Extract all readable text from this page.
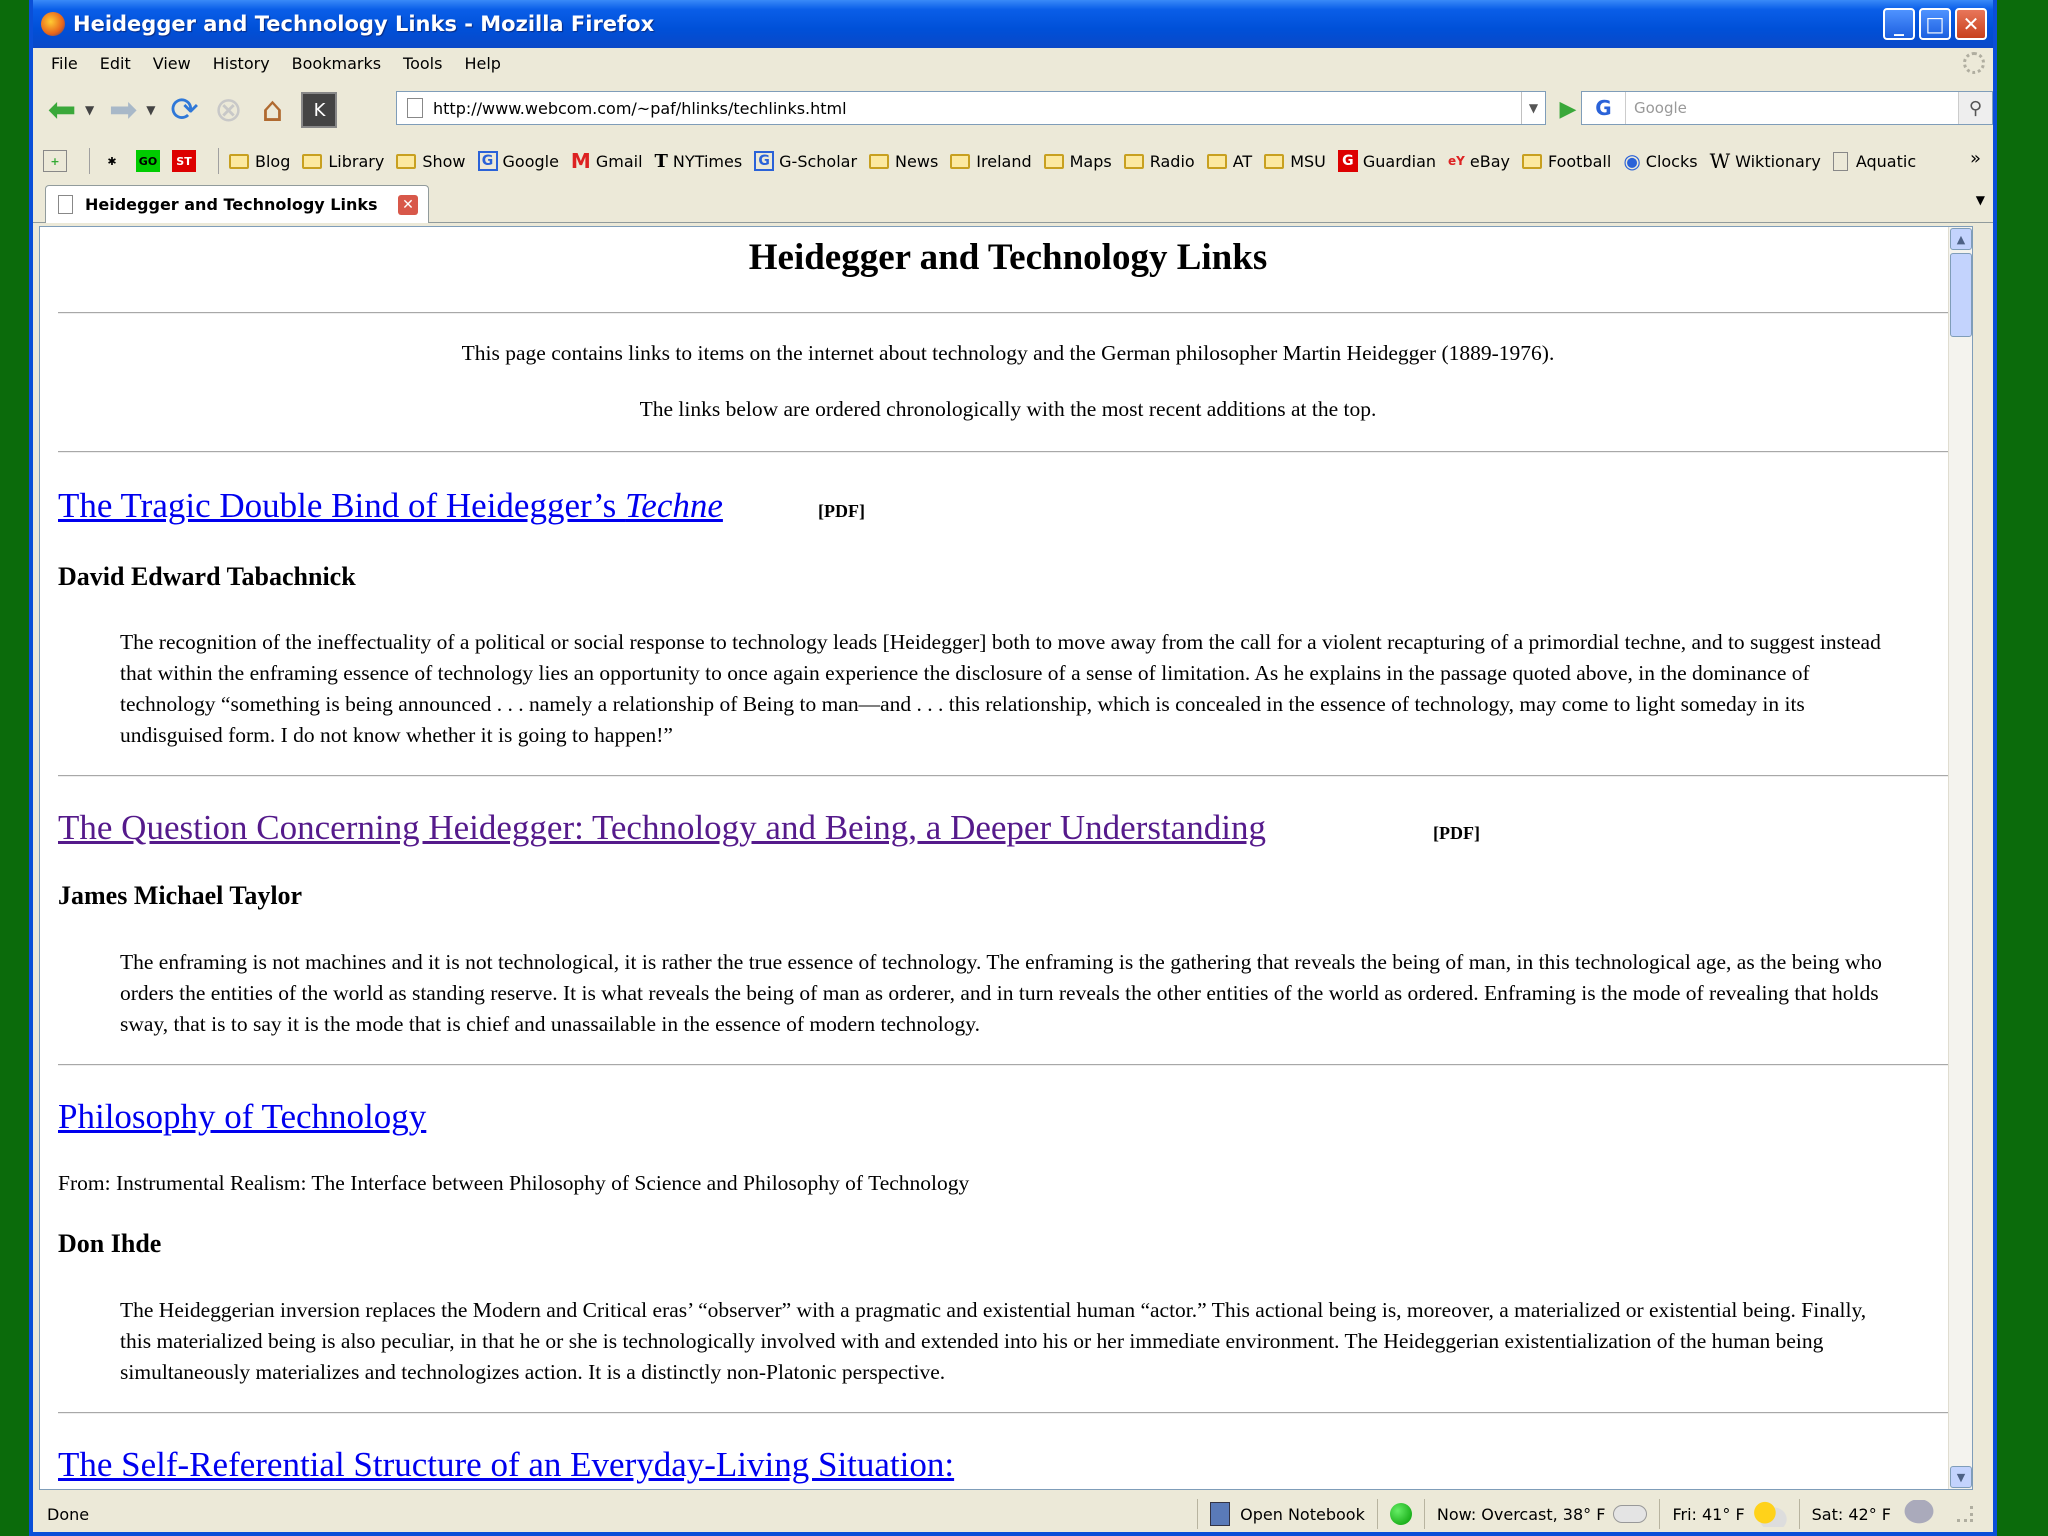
Heidegger and Technology Links - Mozilla Firefox	_	□ ✕
File Edit View History Bookmarks Tools Help
⬅ ▼ ➡ ▼ ⟳ ⊗ ⌂	K	http://www.webcom.com/~paf/hlinks/techlinks.html	▼ ▶ G	Google	⚲
+	✱	GO	ST	Blog Library Show	G Google M Gmail T NYTimes	G G-Scholar News Ireland Maps Radio AT MSU	G Guardian eY eBay Football ◉ Clocks W Wiktionary Aquatic	»
Heidegger and Technology Links	✕	▼
Heidegger and Technology Links
This page contains links to items on the internet about technology and the German philosopher Martin Heidegger (1889-1976).
The links below are ordered chronologically with the most recent additions at the top.
The Tragic Double Bind of Heidegger’s Techne	[PDF]
David Edward Tabachnick
The recognition of the ineffectuality of a political or social response to technology leads [Heidegger] both to move away from the call for a violent recapturing of a primordial techne, and to suggest instead that within the enframing essence of technology lies an opportunity to once again experience the disclosure of a sense of limitation. As he explains in the passage quoted above, in the dominance of technology “something is being announced . . . namely a relationship of Being to man—and . . . this relationship, which is concealed in the essence of technology, may come to light someday in its undisguised form. I do not know whether it is going to happen!”
The Question Concerning Heidegger: Technology and Being, a Deeper Understanding	[PDF]
James Michael Taylor
The enframing is not machines and it is not technological, it is rather the true essence of technology. The enframing is the gathering that reveals the being of man, in this technological age, as the being who orders the entities of the world as standing reserve. It is what reveals the being of man as orderer, and in turn reveals the other entities of the world as ordered. Enframing is the mode of revealing that holds sway, that is to say it is the mode that is chief and unassailable in the essence of modern technology.
Philosophy of Technology
From: Instrumental Realism: The Interface between Philosophy of Science and Philosophy of Technology
Don Ihde
The Heideggerian inversion replaces the Modern and Critical eras’ “observer” with a pragmatic and existential human “actor.” This actional being is, moreover, a materialized or existential being. Finally, this materialized being is also peculiar, in that he or she is technologically involved with and extended into his or her immediate environment. The Heideggerian existentialization of the human being simultaneously materializes and technologizes action. It is a distinctly non-Platonic perspective.
The Self-Referential Structure of an Everyday-Living Situation:
▲
▼
Done	Open Notebook	Now: Overcast, 38° F	Fri: 41° F	Sat: 42° F
